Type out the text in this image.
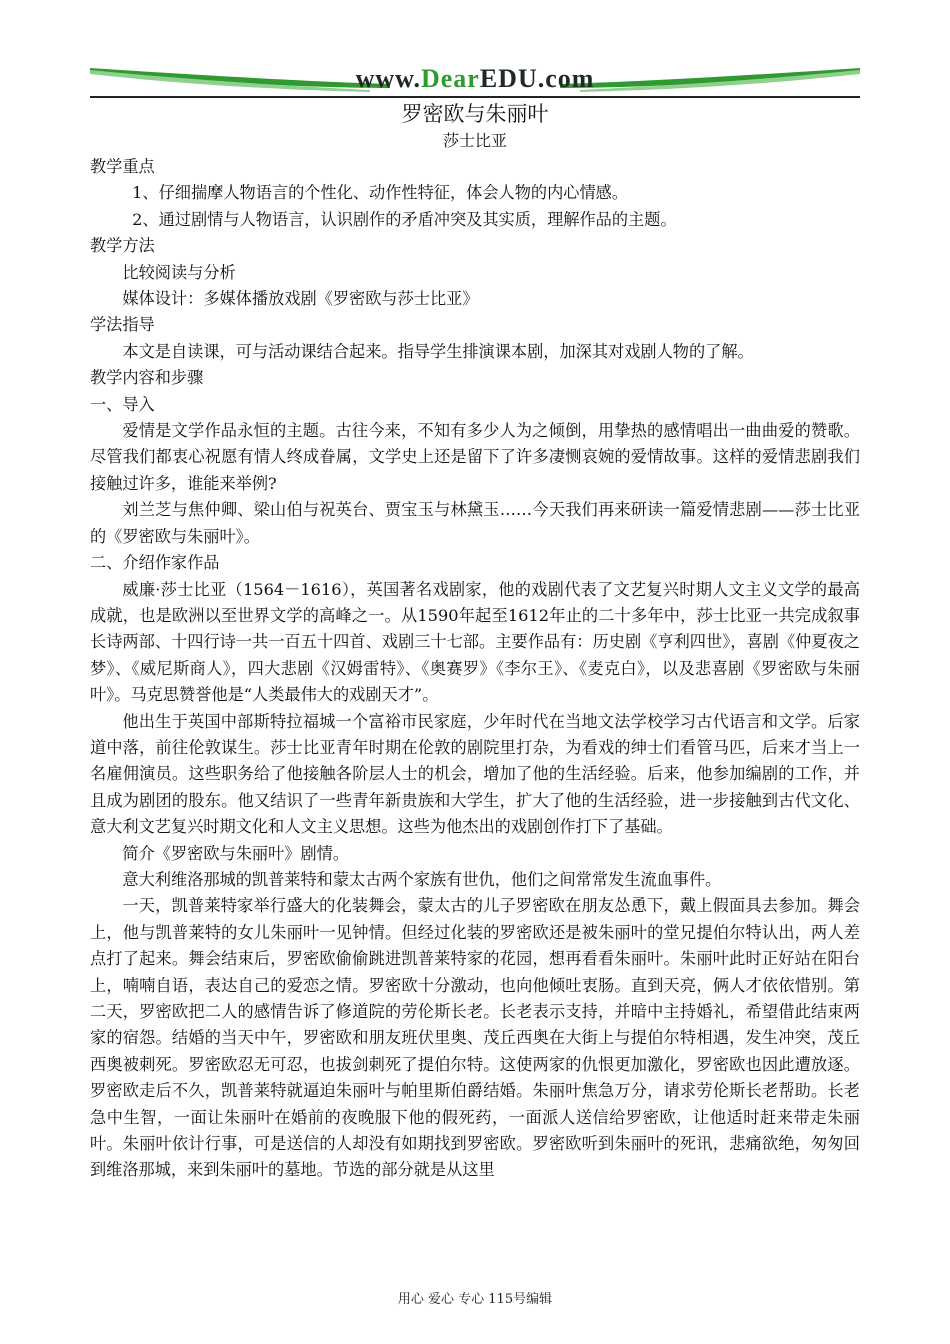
www.DearEDU.com
罗密欧与朱丽叶
莎士比亚

教学重点

1、仔细揣摩人物语言的个性化、动作性特征，体会人物的内心情感。

2、通过剧情与人物语言，认识剧作的矛盾冲突及其实质，理解作品的主题。

教学方法

比较阅读与分析

媒体设计：多媒体播放戏剧《罗密欧与莎士比亚》

学法指导

本文是自读课，可与活动课结合起来。指导学生排演课本剧，加深其对戏剧人物的了解。

教学内容和步骤

一、导入

爱情是文学作品永恒的主题。古往今来，不知有多少人为之倾倒，用挚热的感情唱出一曲曲爱的赞歌。尽管我们都衷心祝愿有情人终成眷属，文学史上还是留下了许多凄恻哀婉的爱情故事。这样的爱情悲剧我们接触过许多，谁能来举例?

刘兰芝与焦仲卿、梁山伯与祝英台、贾宝玉与林黛玉……今天我们再来研读一篇爱情悲剧——莎士比亚的《罗密欧与朱丽叶》。

二、介绍作家作品

威廉·莎士比亚（1564－1616），英国著名戏剧家，他的戏剧代表了文艺复兴时期人文主义文学的最高成就，也是欧洲以至世界文学的高峰之一。从1590年起至1612年止的二十多年中，莎士比亚一共完成叙事长诗两部、十四行诗一共一百五十四首、戏剧三十七部。主要作品有：历史剧《亨利四世》，喜剧《仲夏夜之梦》、《威尼斯商人》，四大悲剧《汉姆雷特》、《奥赛罗》《李尔王》、《麦克白》，以及悲喜剧《罗密欧与朱丽叶》。马克思赞誉他是“人类最伟大的戏剧天才”。

他出生于英国中部斯特拉福城一个富裕市民家庭，少年时代在当地文法学校学习古代语言和文学。后家道中落，前往伦敦谋生。莎士比亚青年时期在伦敦的剧院里打杂，为看戏的绅士们看管马匹，后来才当上一名雇佣演员。这些职务给了他接触各阶层人士的机会，增加了他的生活经验。后来，他参加编剧的工作，并且成为剧团的股东。他又结识了一些青年新贵族和大学生，扩大了他的生活经验，进一步接触到古代文化、意大利文艺复兴时期文化和人文主义思想。这些为他杰出的戏剧创作打下了基础。

简介《罗密欧与朱丽叶》剧情。

意大利维洛那城的凯普莱特和蒙太古两个家族有世仇，他们之间常常发生流血事件。

一天，凯普莱特家举行盛大的化装舞会，蒙太古的儿子罗密欧在朋友怂恿下，戴上假面具去参加。舞会上，他与凯普莱特的女儿朱丽叶一见钟情。但经过化装的罗密欧还是被朱丽叶的堂兄提伯尔特认出，两人差点打了起来。舞会结束后，罗密欧偷偷跳进凯普莱特家的花园，想再看看朱丽叶。朱丽叶此时正好站在阳台上，喃喃自语，表达自己的爱恋之情。罗密欧十分激动，也向他倾吐衷肠。直到天亮，俩人才依依惜别。第二天，罗密欧把二人的感情告诉了修道院的劳伦斯长老。长老表示支持，并暗中主持婚礼，希望借此结束两家的宿怨。结婚的当天中午，罗密欧和朋友班伏里奥、茂丘西奥在大街上与提伯尔特相遇，发生冲突，茂丘西奥被刺死。罗密欧忍无可忍，也拔剑刺死了提伯尔特。这使两家的仇恨更加激化，罗密欧也因此遭放逐。罗密欧走后不久，凯普莱特就逼迫朱丽叶与帕里斯伯爵结婚。朱丽叶焦急万分，请求劳伦斯长老帮助。长老急中生智，一面让朱丽叶在婚前的夜晚服下他的假死药，一面派人送信给罗密欧，让他适时赶来带走朱丽叶。朱丽叶依计行事，可是送信的人却没有如期找到罗密欧。罗密欧听到朱丽叶的死讯，悲痛欲绝，匆匆回到维洛那城，来到朱丽叶的墓地。节选的部分就是从这里

用心 爱心 专心 115号编辑
